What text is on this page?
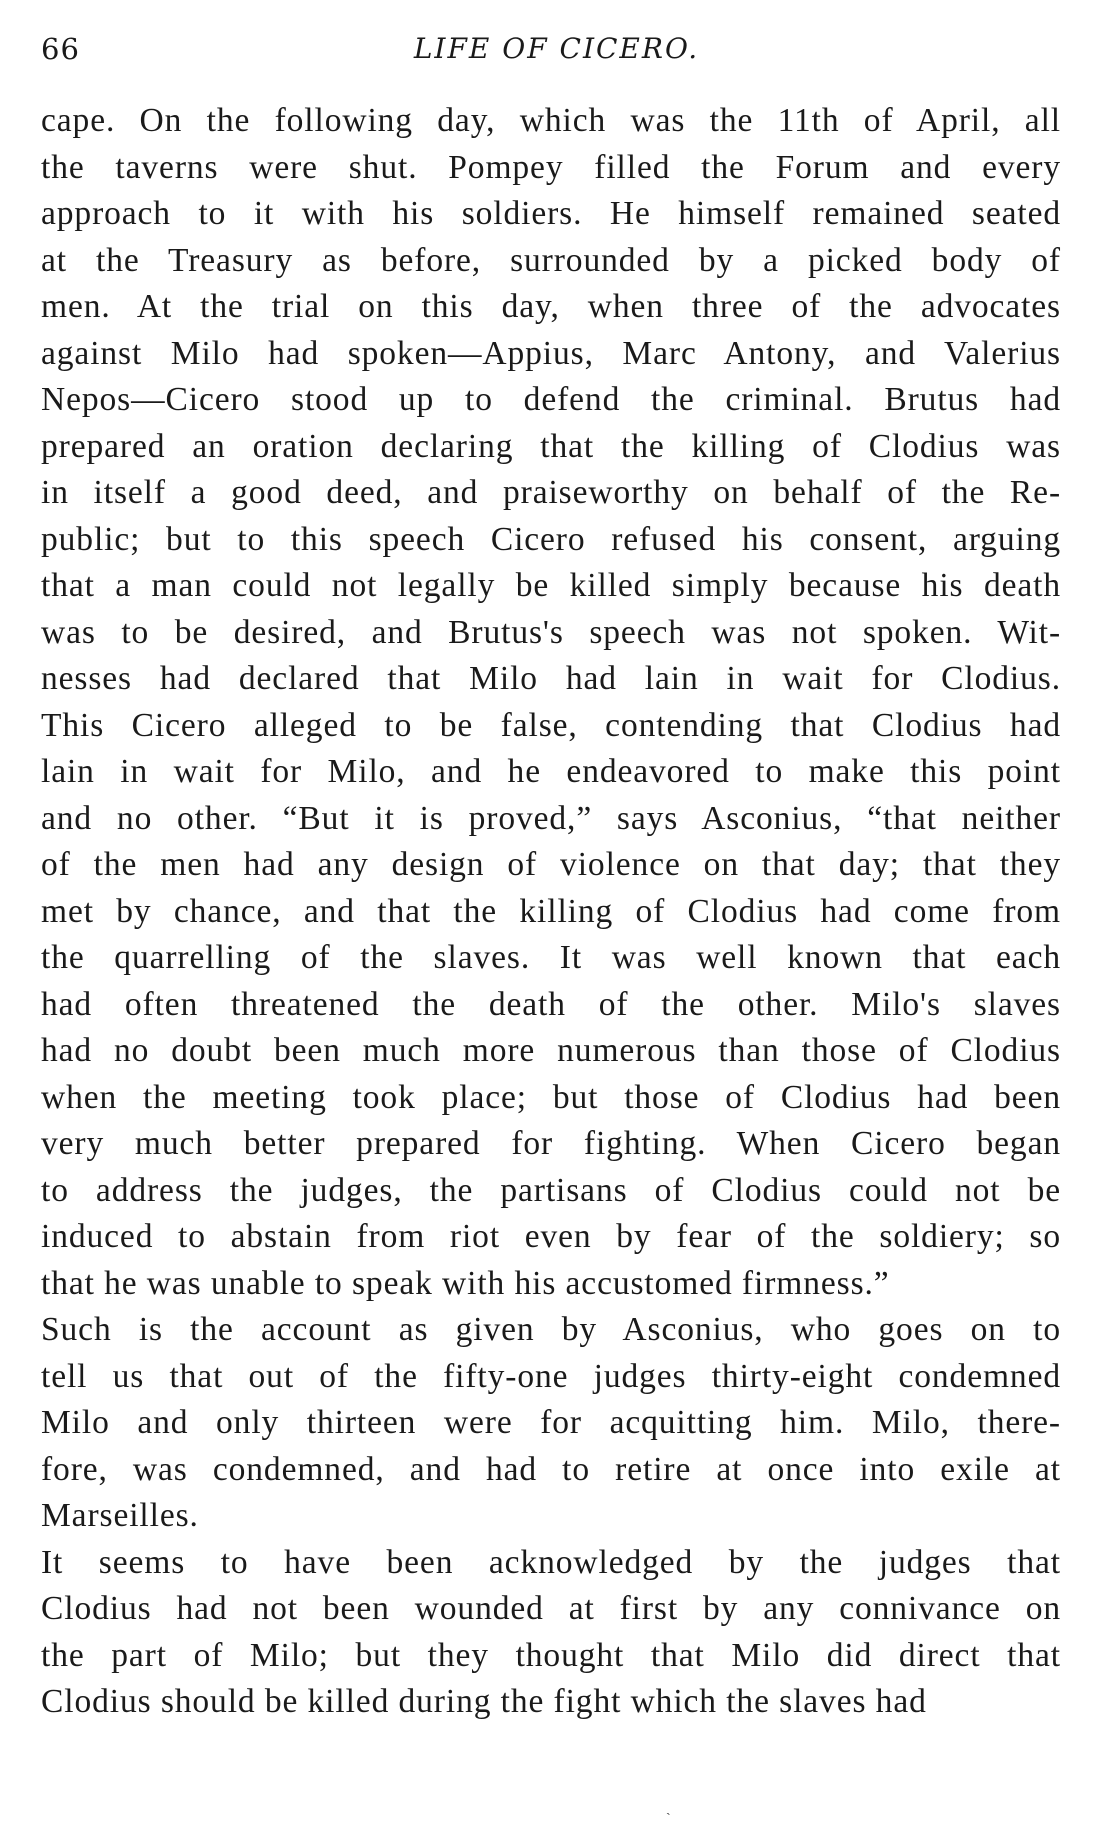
66	LIFE OF CICERO.
cape. On the following day, which was the 11th of April, all
the taverns were shut. Pompey filled the Forum and every
approach to it with his soldiers. He himself remained seated
at the Treasury as before, surrounded by a picked body of
men. At the trial on this day, when three of the advocates
against Milo had spoken—Appius, Marc Antony, and Valerius
Nepos—Cicero stood up to defend the criminal. Brutus had
prepared an oration declaring that the killing of Clodius was
in itself a good deed, and praiseworthy on behalf of the Re-
public; but to this speech Cicero refused his consent, arguing
that a man could not legally be killed simply because his death
was to be desired, and Brutus's speech was not spoken. Wit-
nesses had declared that Milo had lain in wait for Clodius.
This Cicero alleged to be false, contending that Clodius had
lain in wait for Milo, and he endeavored to make this point
and no other. “But it is proved,” says Asconius, “that neither
of the men had any design of violence on that day; that they
met by chance, and that the killing of Clodius had come from
the quarrelling of the slaves. It was well known that each
had often threatened the death of the other. Milo's slaves
had no doubt been much more numerous than those of Clodius
when the meeting took place; but those of Clodius had been
very much better prepared for fighting. When Cicero began
to address the judges, the partisans of Clodius could not be
induced to abstain from riot even by fear of the soldiery; so
that he was unable to speak with his accustomed firmness.”
Such is the account as given by Asconius, who goes on to
tell us that out of the fifty-one judges thirty-eight condemned
Milo and only thirteen were for acquitting him. Milo, there-
fore, was condemned, and had to retire at once into exile at
Marseilles.
It seems to have been acknowledged by the judges that
Clodius had not been wounded at first by any connivance on
the part of Milo; but they thought that Milo did direct that
Clodius should be killed during the fight which the slaves had
ˎ
